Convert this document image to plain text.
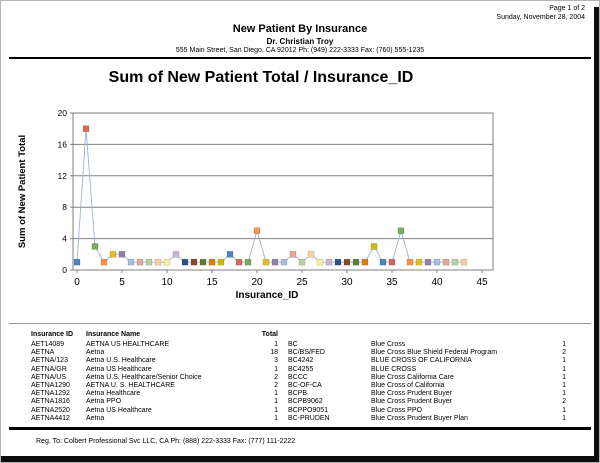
Page 1 of 2
Sunday, November 28, 2004
New Patient By Insurance
Dr. Christian Troy
555 Main Street, San Diego, CA 92012 Ph: (949) 222-3333 Fax: (760) 555-1235
Sum of New Patient Total / Insurance_ID
0
4
8
12
16
20
0	5	10	15	20	25	30	35	40	45
Sum of New Patient Total
Insurance_ID
Insurance ID Insurance Name	Total
AET14089	AETNA US HEALTHCARE	1 BC	Blue Cross	1
AETNA	Aetna	18 BC/BS/FED	Blue Cross Blue Shield Federal Program	2
AETNA/123	Aetna U.S. Healthcare	3 BC4242	BLUE CROSS OF CALIFORNIA	1
AETNA/GR	Aetna US Healthcare	1 BC4255	BLUE CROSS	1
AETNA/US	Aetna U.S. Healthcare/Senior Choice	2 BCCC	Blue Cross California Care	1
AETNA1290 AETNA U. S. HEALTHCARE	2 BC-OF-CA	Blue Cross of California	1
AETNA1292 Aetna Healthcare	1 BCPB	Blue Cross Prudent Buyer	1
AETNA1816 Aetna PPO	1 BCPB9062	Blue Cross Prudent Buyer	2
AETNA2520 Aetna US Healthcare	1 BCPPO9051	Blue Cross PPO	1
AETNA4412 Aetna	1 BC-PRUDEN	Blue Cross Prudent Buyer Plan	1
Reg. To: Colbert Professional Svc LLC, CA Ph: (888) 222-3333 Fax: (777) 111-2222
